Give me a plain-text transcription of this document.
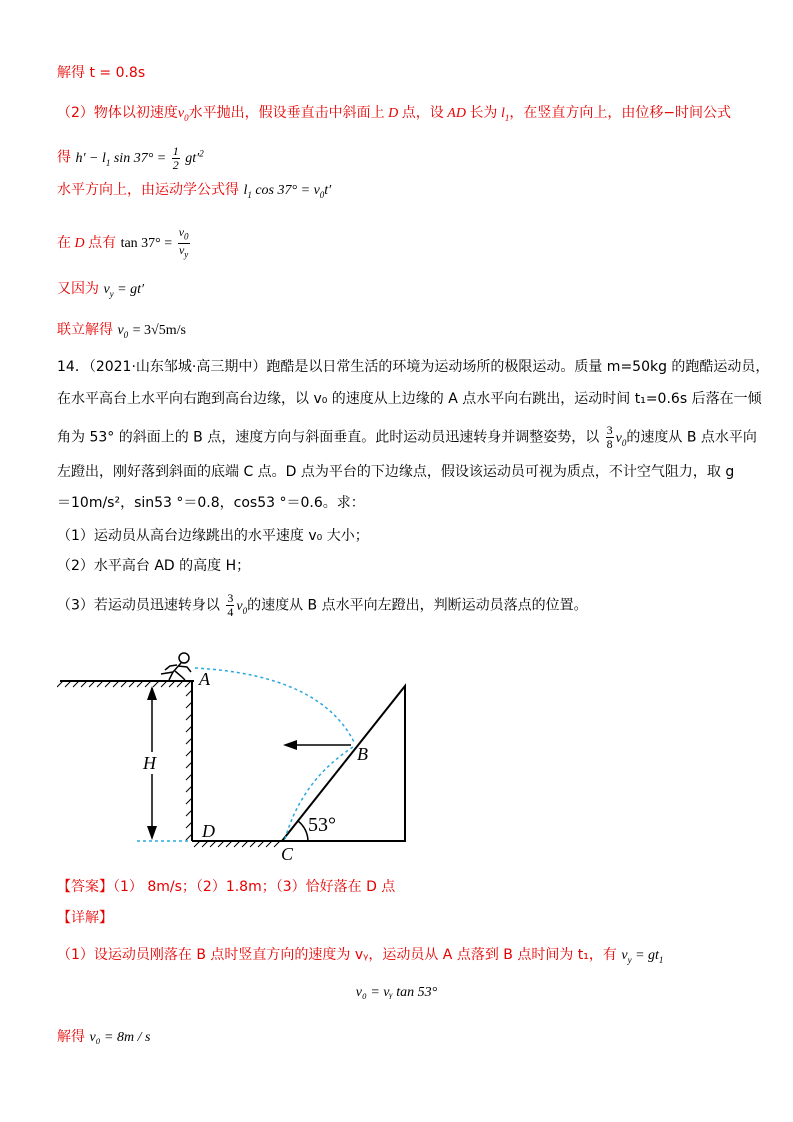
解得 t = 0.8s
（2）物体以初速度$v_0$水平抛出，假设垂直击中斜面上 D 点，设 AD 长为 $l_1$，在竖直方向上，由位移−时间公式
得 $h' - l_1$ $\sin 37^\circ = \frac{1}{2} gt'^2$
水平方向上，由运动学公式得 $l_1$ $\cos 37^\circ = v_0t'$
在 D 点有 $\tan 37^\circ = \frac{v_0}{v_y}$
又因为 $v_y = gt'$
联立解得 $v_0 = 3√5m/s$
14．（2021·山东邹城·高三期中）跑酷是以日常生活的环境为运动场所的极限运动。质量 m=50kg 的跑酷运动员，
在水平高台上水平向右跑到高台边缘，以 v₀ 的速度从上边缘的 A 点水平向右跳出，运动时间 t₁=0.6s 后落在一倾
角为 53° 的斜面上的 B 点，速度方向与斜面垂直。此时运动员迅速转身并调整姿势，以 $\frac{3}{8} v_0$的速度从 B 点水平向
左蹬出，刚好落到斜面的底端 C 点。D 点为平台的下边缘点，假设该运动员可视为质点，不计空气阻力，取 g
＝10m/s²，sin53 °＝0.8，cos53 °＝0.6。求：
（1）运动员从高台边缘跳出的水平速度 v₀ 大小；
（2）水平高台 AD 的高度 H；
（3）若运动员迅速转身以 $\frac{3}{4} v_0$的速度从 B 点水平向左蹬出，判断运动员落点的位置。
A
B
C
D
H
53°
【答案】（1） 8m/s；（2）1.8m；（3）恰好落在 D 点
【详解】
（1）设运动员刚落在 B 点时竖直方向的速度为 vᵧ，运动员从 A 点落到 B 点时间为 t₁，有 $v_y = gt_1$
v₀ = vᵧ tan 53°
解得 v₀ = 8m / s
